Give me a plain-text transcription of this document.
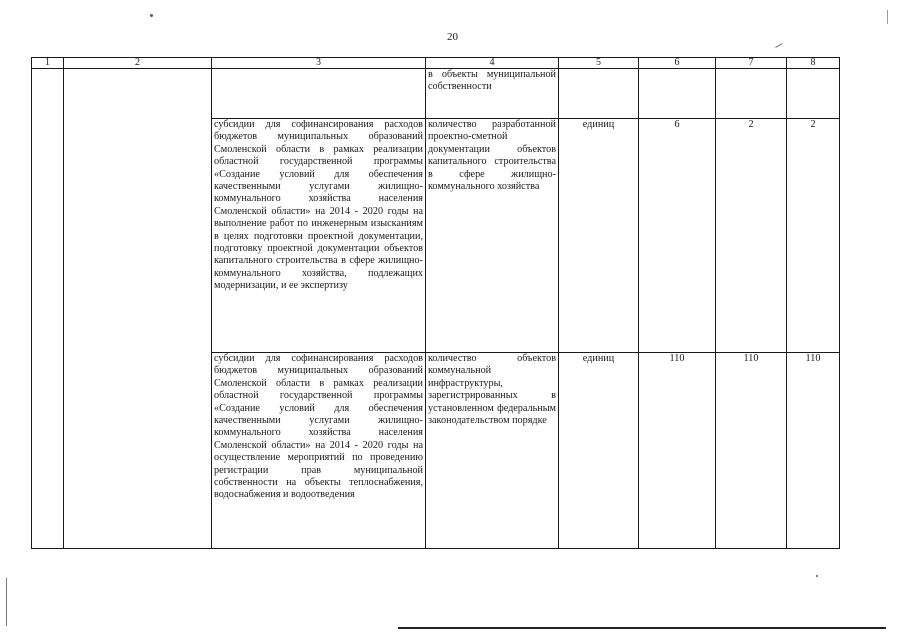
20
1	2	3	4	5	6	7	8
			в объекты муниципальной собственности				
		субсидии для софинансирования расходов бюджетов муниципальных образований Смоленской области в рамках реализации областной государственной программы «Создание условий для обеспечения качественными услугами жилищно-коммунального хозяйства населения Смоленской области» на 2014 - 2020 годы на выполнение работ по инженерным изысканиям в целях подготовки проектной документации, подготовку проектной документации объектов капитального строительства в сфере жилищно-коммунального хозяйства, подлежащих модернизации, и ее экспертизу	количество разработанной проектно-сметной документации объектов капитального строительства в сфере жилищно-коммунального хозяйства	единиц	6	2	2
		субсидии для софинансирования расходов бюджетов муниципальных образований Смоленской области в рамках реализации областной государственной программы «Создание условий для обеспечения качественными услугами жилищно-коммунального хозяйства населения Смоленской области» на 2014 - 2020 годы на осуществление мероприятий по проведению регистрации прав муниципальной собственности на объекты теплоснабжения, водоснабжения и водоотведения	количество объектов коммунальной инфраструктуры, зарегистрированных в установленном федеральным законодательством порядке	единиц	110	110	110
